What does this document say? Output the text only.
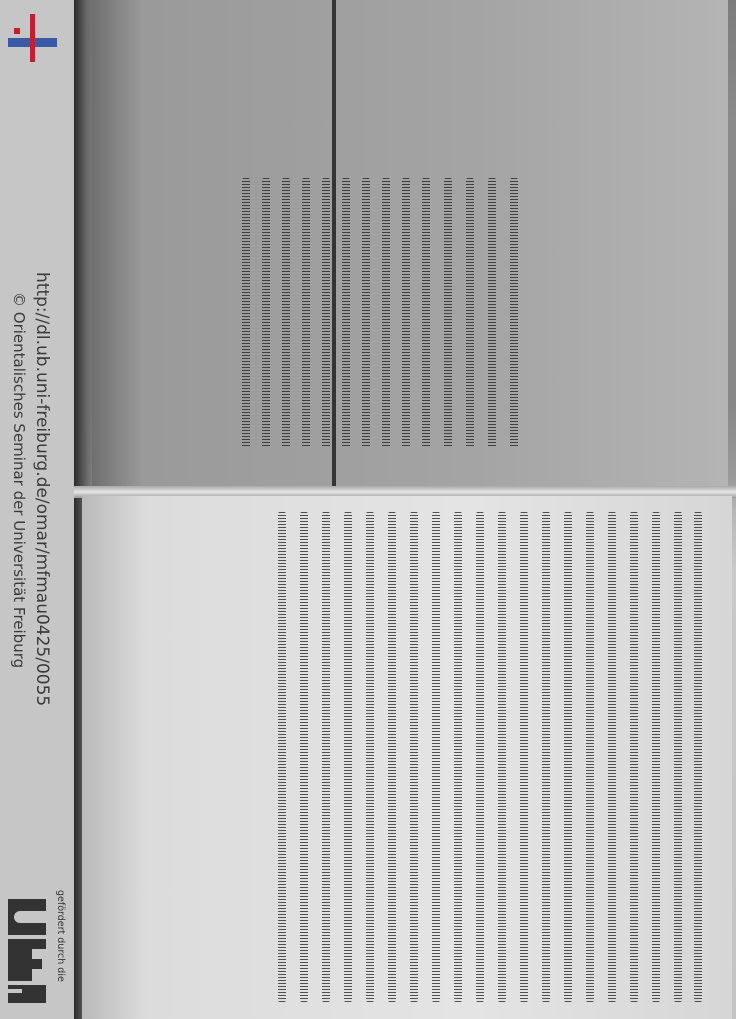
http://dl.ub.uni-freiburg.de/omar/mfmau0425/0055
© Orientalisches Seminar der Universität Freiburg
gefördert durch die
